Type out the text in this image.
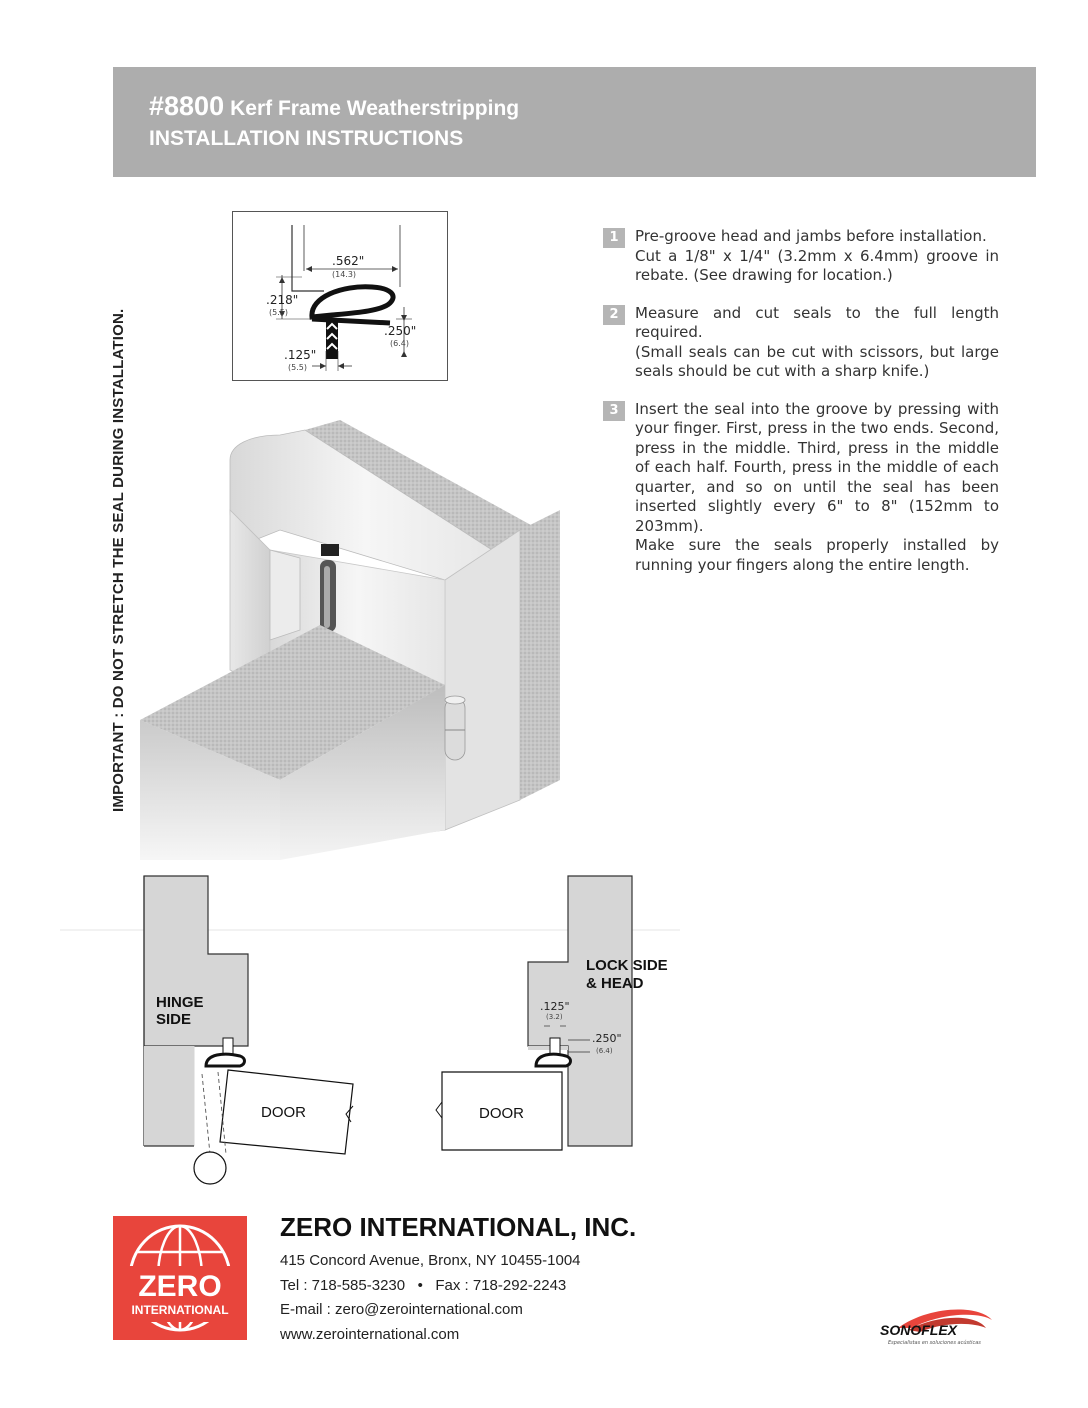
#8800 Kerf Frame Weatherstripping
INSTALLATION INSTRUCTIONS
IMPORTANT : DO NOT STRETCH THE SEAL DURING INSTALLATION.
.562"
(14.3)
.218"
(5.5)
.250"
(6.4)
.125"
(5.5)
1	Pre-groove head and jambs before installation.
Cut a 1/8" x 1/4" (3.2mm x 6.4mm) groove in rebate. (See drawing for location.)
2	Measure and cut seals to the full length required.
(Small seals can be cut with scissors, but large seals should be cut with a sharp knife.)
3	Insert the seal into the groove by pressing with your finger. First, press in the two ends. Second, press in the middle. Third, press in the middle of each half. Fourth, press in the middle of each quarter, and so on until the seal has been inserted slightly every 6" to 8" (152mm to 203mm).
Make sure the seals properly installed by running your fingers along the entire length.
HINGE
SIDE
DOOR
LOCK SIDE
& HEAD
.125"
(3.2)
.250"
(6.4)
DOOR
ZERO
INTERNATIONAL
ZERO INTERNATIONAL, INC.
415 Concord Avenue, Bronx, NY 10455-1004
Tel : 718-585-3230   •   Fax : 718-292-2243
E-mail : zero@zerointernational.com
www.zerointernational.com	SONOFLEX
Especialistas en soluciones acústicas
